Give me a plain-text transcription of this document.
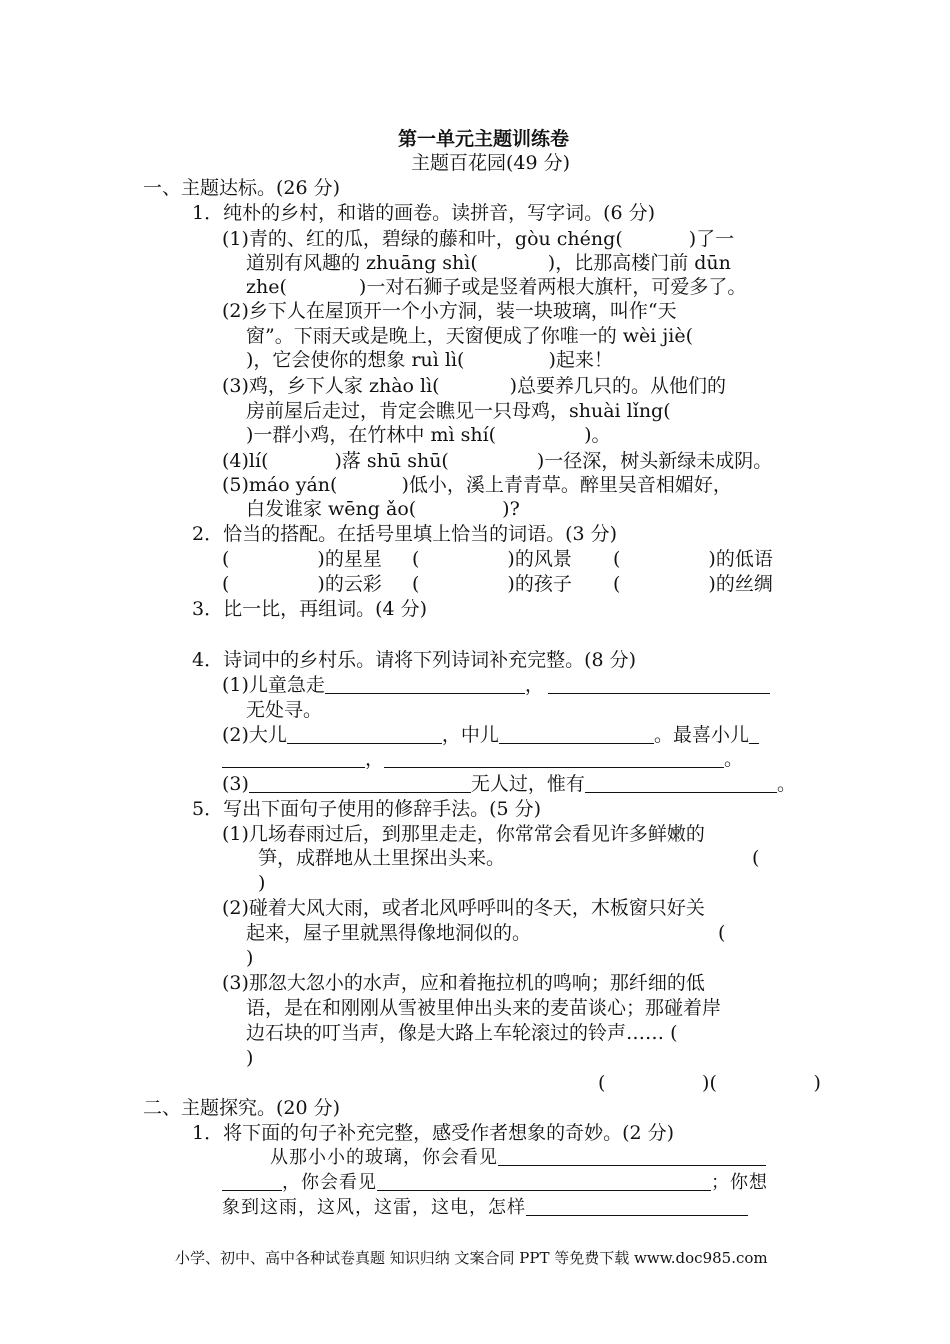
第一单元主题训练卷
主题百花园(49 分)
一、主题达标。(26 分)
1．纯朴的乡村，和谐的画卷。读拼音，写字词。(6 分)
(1)青的、红的瓜，碧绿的藤和叶，gòu chéng(	)了一
道别有风趣的 zhuāng shì(	)，比那高楼门前 dūn
zhe(	)一对石狮子或是竖着两根大旗杆，可爱多了。
(2)乡下人在屋顶开一个小方洞，装一块玻璃，叫作“天
窗”。下雨天或是晚上，天窗便成了你唯一的 wèi jiè(
)，它会使你的想象 ruì lì(	)起来！
(3)鸡，乡下人家 zhào lì(	)总要养几只的。从他们的
房前屋后走过，肯定会瞧见一只母鸡，shuài lǐng(
)一群小鸡，在竹林中 mì shí(	)。
(4)lí(	)落 shū shū(	)一径深，树头新绿未成阴。
(5)máo yán(	)低小，溪上青青草。醉里吴音相媚好，
白发谁家 wēng ǎo(	)?
2．恰当的搭配。在括号里填上恰当的词语。(3 分)
(	)的星星 (	)的风景 (	)的低语
(	)的云彩 (	)的孩子 (	)的丝绸
3．比一比，再组词。(4 分)
4．诗词中的乡村乐。请将下列诗词补充完整。(8 分)
(1)儿童急走	，
无处寻。
(2)大儿	，中儿	。最喜小儿
，	。
(3)	无人过，惟有	。
5．写出下面句子使用的修辞手法。(5 分)
(1)几场春雨过后，到那里走走，你常常会看见许多鲜嫩的
笋，成群地从土里探出头来。	(
)
(2)碰着大风大雨，或者北风呼呼叫的冬天，木板窗只好关
起来，屋子里就黑得像地洞似的。	(
)
(3)那忽大忽小的水声，应和着拖拉机的鸣响；那纤细的低
语，是在和刚刚从雪被里伸出头来的麦苗谈心；那碰着岸
边石块的叮当声，像是大路上车轮滚过的铃声…… (
)
(                )(                )
二、主题探究。(20 分)
1．将下面的句子补充完整，感受作者想象的奇妙。(2 分)
从那小小的玻璃，你会看见
，你会看见	；你想
象到这雨，这风，这雷，这电，怎样
小学、初中、高中各种试卷真题 知识归纳 文案合同 PPT 等免费下载 www.doc985.com
